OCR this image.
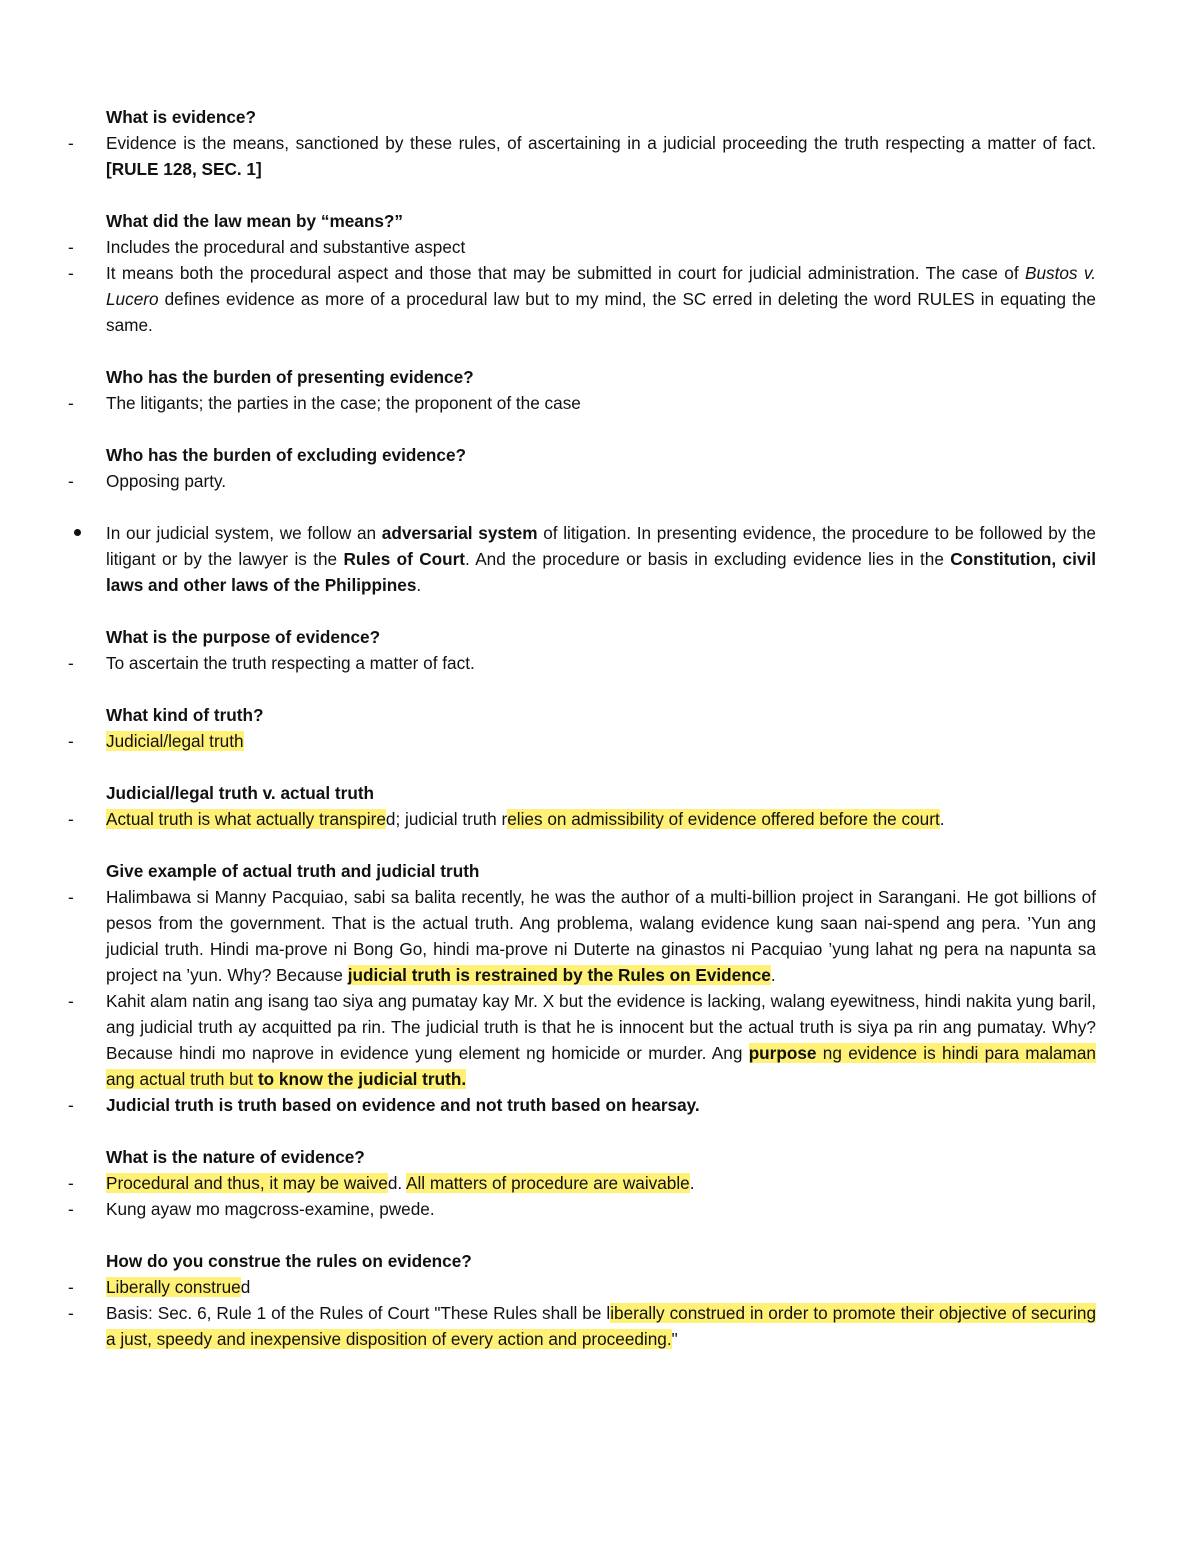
What is evidence?

-	Evidence is the means, sanctioned by these rules, of ascertaining in a judicial proceeding the truth respecting a matter of fact. [RULE 128, SEC. 1]

What did the law mean by “means?”

-	Includes the procedural and substantive aspect

-	It means both the procedural aspect and those that may be submitted in court for judicial administration. The case of Bustos v. Lucero defines evidence as more of a procedural law but to my mind, the SC erred in deleting the word RULES in equating the same.

Who has the burden of presenting evidence?

-	The litigants; the parties in the case; the proponent of the case

Who has the burden of excluding evidence?

-	Opposing party.

In our judicial system, we follow an adversarial system of litigation. In presenting evidence, the procedure to be followed by the litigant or by the lawyer is the Rules of Court. And the procedure or basis in excluding evidence lies in the Constitution, civil laws and other laws of the Philippines.

What is the purpose of evidence?

-	To ascertain the truth respecting a matter of fact.

What kind of truth?

-	Judicial/legal truth

Judicial/legal truth v. actual truth

-	Actual truth is what actually transpired; judicial truth relies on admissibility of evidence offered before the court.

Give example of actual truth and judicial truth

-	Halimbawa si Manny Pacquiao, sabi sa balita recently, he was the author of a multi-billion project in Sarangani. He got billions of pesos from the government. That is the actual truth. Ang problema, walang evidence kung saan nai-spend ang pera. ’Yun ang judicial truth. Hindi ma-prove ni Bong Go, hindi ma-prove ni Duterte na ginastos ni Pacquiao ’yung lahat ng pera na napunta sa project na ’yun. Why? Because judicial truth is restrained by the Rules on Evidence.

-	Kahit alam natin ang isang tao siya ang pumatay kay Mr. X but the evidence is lacking, walang eyewitness, hindi nakita yung baril, ang judicial truth ay acquitted pa rin. The judicial truth is that he is innocent but the actual truth is siya pa rin ang pumatay. Why? Because hindi mo naprove in evidence yung element ng homicide or murder. Ang purpose ng evidence is hindi para malaman ang actual truth but to know the judicial truth.

-	Judicial truth is truth based on evidence and not truth based on hearsay.

What is the nature of evidence?

-	Procedural and thus, it may be waived. All matters of procedure are waivable.

-	Kung ayaw mo magcross-examine, pwede.

How do you construe the rules on evidence?

-	Liberally construed

-	Basis: Sec. 6, Rule 1 of the Rules of Court "These Rules shall be liberally construed in order to promote their objective of securing a just, speedy and inexpensive disposition of every action and proceeding."
